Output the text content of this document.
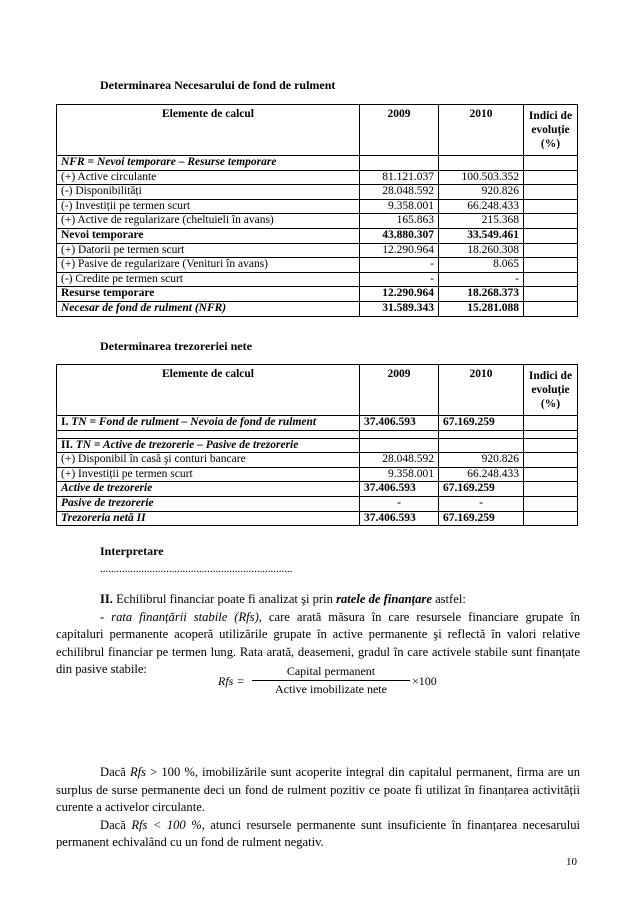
Determinarea Necesarului de fond de rulment
Elemente de calcul	2009	2010	Indici de
evoluție
(%)
NFR = Nevoi temporare – Resurse temporare			
(+) Active circulante	81.121.037	100.503.352	
(-) Disponibilități	28.048.592	920.826	
(-) Investiții pe termen scurt	9.358.001	66.248.433	
(+) Active de regularizare (cheltuieli în avans)	165.863	215.368	
Nevoi temporare	43.880.307	33.549.461	
(+) Datorii pe termen scurt	12.290.964	18.260.308	
(+) Pasive de regularizare (Venituri în avans)	-	8.065	
(-) Credite pe termen scurt	-	-	
Resurse temporare	12.290.964	18.268.373	
Necesar de fond de rulment (NFR)	31.589.343	15.281.088	
Determinarea trezoreriei nete
Elemente de calcul	2009	2010	Indici de
evoluție
(%)
I. TN = Fond de rulment – Nevoia de fond de rulment	37.406.593	67.169.259	

II. TN = Active de trezorerie – Pasive de trezorerie			
(+) Disponibil în casă şi conturi bancare	28.048.592	920.826	
(+) Investiții pe termen scurt	9.358.001	66.248.433	
Active de trezorerie	37.406.593	67.169.259	
Pasive de trezorerie	-	-	
Trezoreria netă II	37.406.593	67.169.259	
Interpretare
......................................................................
II. Echilibrul financiar poate fi analizat şi prin ratele de finanțare astfel:
- rata finanțării stabile (Rfs), care arată măsura în care resursele financiare grupate în capitaluri permanente acoperă utilizările grupate în active permanente şi reflectă în valori relative echilibrul financiar pe termen lung. Rata arată, deasemeni, gradul în care activele stabile sunt finanțate din pasive stabile:
Rfs =
Capital permanent
Active imobilizate nete
×100
Dacă Rfs > 100 %, imobilizările sunt acoperite integral din capitalul permanent, firma are un surplus de surse permanente deci un fond de rulment pozitiv ce poate fi utilizat în finanțarea activității curente a activelor circulante.
Dacă Rfs < 100 %, atunci resursele permanente sunt insuficiente în finanțarea necesarului permanent echivalând cu un fond de rulment negativ.
10
